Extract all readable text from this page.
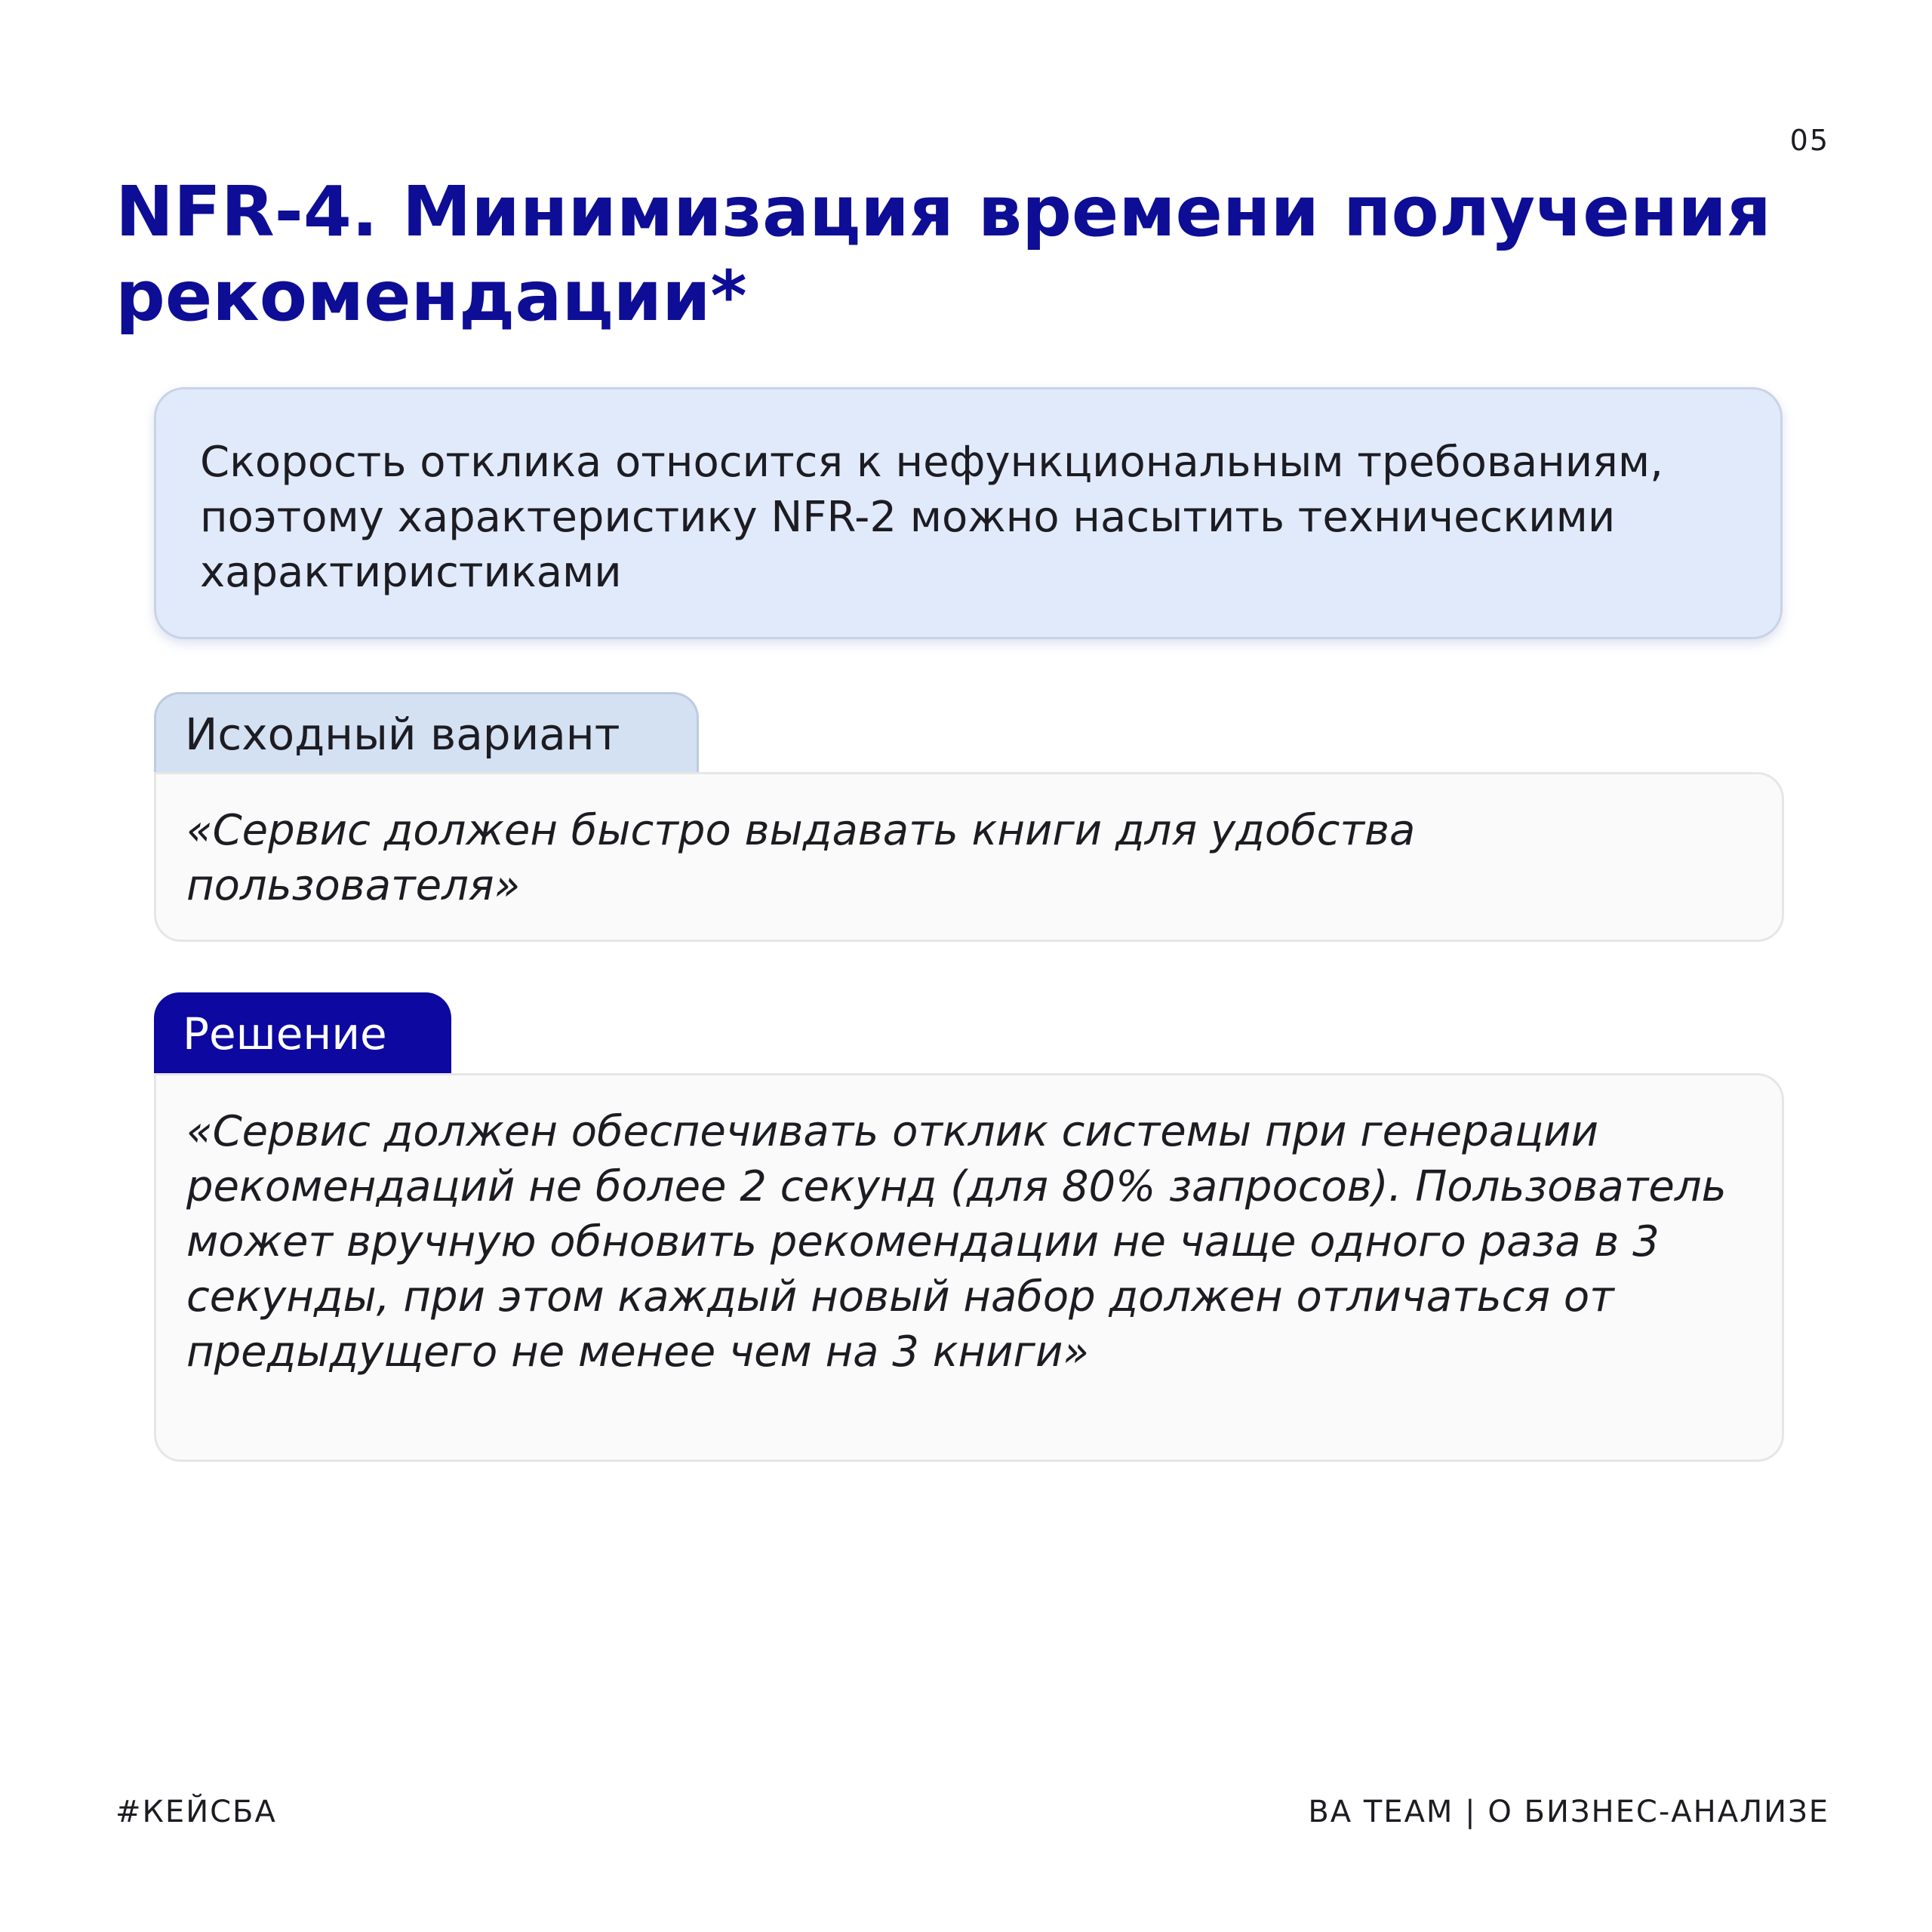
05
NFR-4. Минимизация времени получения рекомендации*
Скорость отклика относится к нефункциональным требованиям, поэтому характеристику NFR-2 можно насытить техническими характиристиками
Исходный вариант
«Сервис должен быстро выдавать книги для удобства пользователя»
Решение
«Сервис должен обеспечивать отклик системы при генерации рекомендаций не более 2 секунд (для 80% запросов). Пользователь может вручную обновить рекомендации не чаще одного раза в 3 секунды, при этом каждый новый набор должен отличаться от предыдущего не менее чем на 3 книги»
#КЕЙСБА	BA TEAM | О БИЗНЕС-АНАЛИЗЕ
